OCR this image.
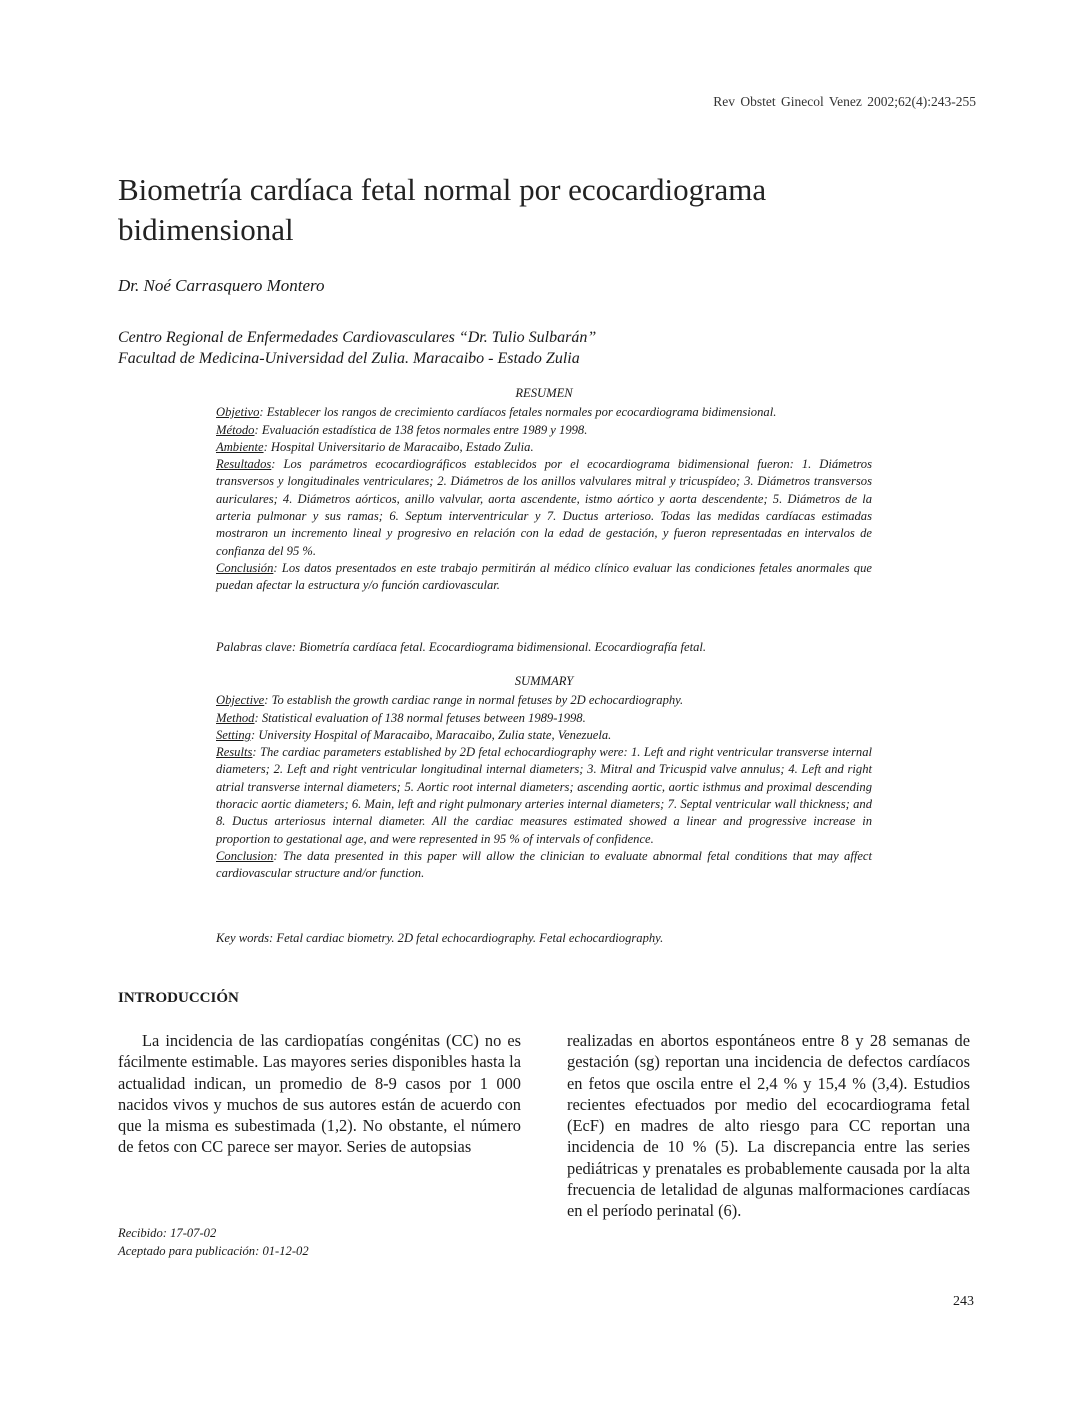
Rev Obstet Ginecol Venez 2002;62(4):243-255
Biometría cardíaca fetal normal por ecocardiograma bidimensional

Dr. Noé Carrasquero Montero

Centro Regional de Enfermedades Cardiovasculares “Dr. Tulio Sulbarán”
Facultad de Medicina-Universidad del Zulia. Maracaibo - Estado Zulia
RESUMEN

Objetivo: Establecer los rangos de crecimiento cardíacos fetales normales por ecocardiograma bidimensional.

Método: Evaluación estadística de 138 fetos normales entre 1989 y 1998.

Ambiente: Hospital Universitario de Maracaibo, Estado Zulia.

Resultados: Los parámetros ecocardiográficos establecidos por el ecocardiograma bidimensional fueron: 1. Diámetros transversos y longitudinales ventriculares; 2. Diámetros de los anillos valvulares mitral y tricuspídeo; 3. Diámetros transversos auriculares; 4. Diámetros aórticos, anillo valvular, aorta ascendente, istmo aórtico y aorta descendente; 5. Diámetros de la arteria pulmonar y sus ramas; 6. Septum interventricular y 7. Ductus arterioso. Todas las medidas cardíacas estimadas mostraron un incremento lineal y progresivo en relación con la edad de gestación, y fueron representadas en intervalos de confianza del 95 %.

Conclusión: Los datos presentados en este trabajo permitirán al médico clínico evaluar las condiciones fetales anormales que puedan afectar la estructura y/o función cardiovascular.

Palabras clave: Biometría cardíaca fetal. Ecocardiograma bidimensional. Ecocardiografía fetal.
SUMMARY

Objective: To establish the growth cardiac range in normal fetuses by 2D echocardiography.

Method: Statistical evaluation of 138 normal fetuses between 1989-1998.

Setting: University Hospital of Maracaibo, Maracaibo, Zulia state, Venezuela.

Results: The cardiac parameters established by 2D fetal echocardiography were: 1. Left and right ventricular transverse internal diameters; 2. Left and right ventricular longitudinal internal diameters; 3. Mitral and Tricuspid valve annulus; 4. Left and right atrial transverse internal diameters; 5. Aortic root internal diameters; ascending aortic, aortic isthmus and proximal descending thoracic aortic diameters; 6. Main, left and right pulmonary arteries internal diameters; 7. Septal ventricular wall thickness; and 8. Ductus arteriosus internal diameter. All the cardiac measures estimated showed a linear and progressive increase in proportion to gestational age, and were represented in 95 % of intervals of confidence.

Conclusion: The data presented in this paper will allow the clinician to evaluate abnormal fetal conditions that may affect cardiovascular structure and/or function.

Key words: Fetal cardiac biometry. 2D fetal echocardiography. Fetal echocardiography.
INTRODUCCIÓN

La incidencia de las cardiopatías congénitas (CC) no es fácilmente estimable. Las mayores series disponibles hasta la actualidad indican, un promedio de 8-9 casos por 1 000 nacidos vivos y muchos de sus autores están de acuerdo con que la misma es subestimada (1,2). No obstante, el número de fetos con CC parece ser mayor. Series de autopsias

realizadas en abortos espontáneos entre 8 y 28 semanas de gestación (sg) reportan una incidencia de defectos cardíacos en fetos que oscila entre el 2,4 % y 15,4 % (3,4). Estudios recientes efectuados por medio del ecocardiograma fetal (EcF) en madres de alto riesgo para CC reportan una incidencia de 10 % (5). La discrepancia entre las series pediátricas y prenatales es probablemente causada por la alta frecuencia de letalidad de algunas malformaciones cardíacas en el período perinatal (6).

Recibido: 17-07-02
Aceptado para publicación: 01-12-02
243
